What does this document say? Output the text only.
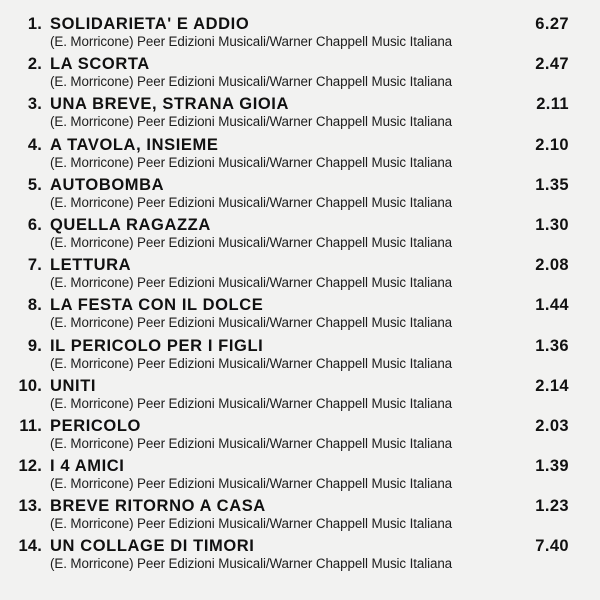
1. SOLIDARIETA' E ADDIO	6.27
(E. Morricone) Peer Edizioni Musicali/Warner Chappell Music Italiana
2. LA SCORTA	2.47
(E. Morricone) Peer Edizioni Musicali/Warner Chappell Music Italiana
3. UNA BREVE, STRANA GIOIA	2.11
(E. Morricone) Peer Edizioni Musicali/Warner Chappell Music Italiana
4. A TAVOLA, INSIEME	2.10
(E. Morricone) Peer Edizioni Musicali/Warner Chappell Music Italiana
5. AUTOBOMBA	1.35
(E. Morricone) Peer Edizioni Musicali/Warner Chappell Music Italiana
6. QUELLA RAGAZZA	1.30
(E. Morricone) Peer Edizioni Musicali/Warner Chappell Music Italiana
7. LETTURA	2.08
(E. Morricone) Peer Edizioni Musicali/Warner Chappell Music Italiana
8. LA FESTA CON IL DOLCE	1.44
(E. Morricone) Peer Edizioni Musicali/Warner Chappell Music Italiana
9. IL PERICOLO PER I FIGLI	1.36
(E. Morricone) Peer Edizioni Musicali/Warner Chappell Music Italiana
10. UNITI	2.14
(E. Morricone) Peer Edizioni Musicali/Warner Chappell Music Italiana
11. PERICOLO	2.03
(E. Morricone) Peer Edizioni Musicali/Warner Chappell Music Italiana
12. I 4 AMICI	1.39
(E. Morricone) Peer Edizioni Musicali/Warner Chappell Music Italiana
13. BREVE RITORNO A CASA	1.23
(E. Morricone) Peer Edizioni Musicali/Warner Chappell Music Italiana
14. UN COLLAGE DI TIMORI	7.40
(E. Morricone) Peer Edizioni Musicali/Warner Chappell Music Italiana
